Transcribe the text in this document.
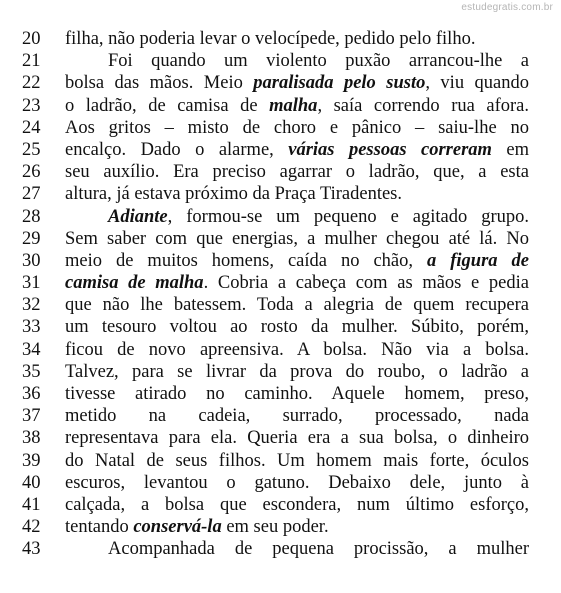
estudegratis.com.br
20 filha, não poderia levar o velocípede, pedido pelo filho.
21	Foi quando um violento puxão arrancou-lhe a
22 bolsa das mãos. Meio paralisada pelo susto, viu quando
23 o ladrão, de camisa de malha, saía correndo rua afora.
24 Aos gritos – misto de choro e pânico – saiu-lhe no
25 encalço. Dado o alarme, várias pessoas correram em
26 seu auxílio. Era preciso agarrar o ladrão, que, a esta
27 altura, já estava próximo da Praça Tiradentes.
28	Adiante, formou-se um pequeno e agitado grupo.
29 Sem saber com que energias, a mulher chegou até lá. No
30 meio de muitos homens, caída no chão, a figura de
31 camisa de malha. Cobria a cabeça com as mãos e pedia
32 que não lhe batessem. Toda a alegria de quem recupera
33 um tesouro voltou ao rosto da mulher. Súbito, porém,
34 ficou de novo apreensiva. A bolsa. Não via a bolsa.
35 Talvez, para se livrar da prova do roubo, o ladrão a
36 tivesse atirado no caminho. Aquele homem, preso,
37 metido na cadeia, surrado, processado, nada
38 representava para ela. Queria era a sua bolsa, o dinheiro
39 do Natal de seus filhos. Um homem mais forte, óculos
40 escuros, levantou o gatuno. Debaixo dele, junto à
41 calçada, a bolsa que escondera, num último esforço,
42 tentando conservá-la em seu poder.
43	Acompanhada de pequena procissão, a mulher
